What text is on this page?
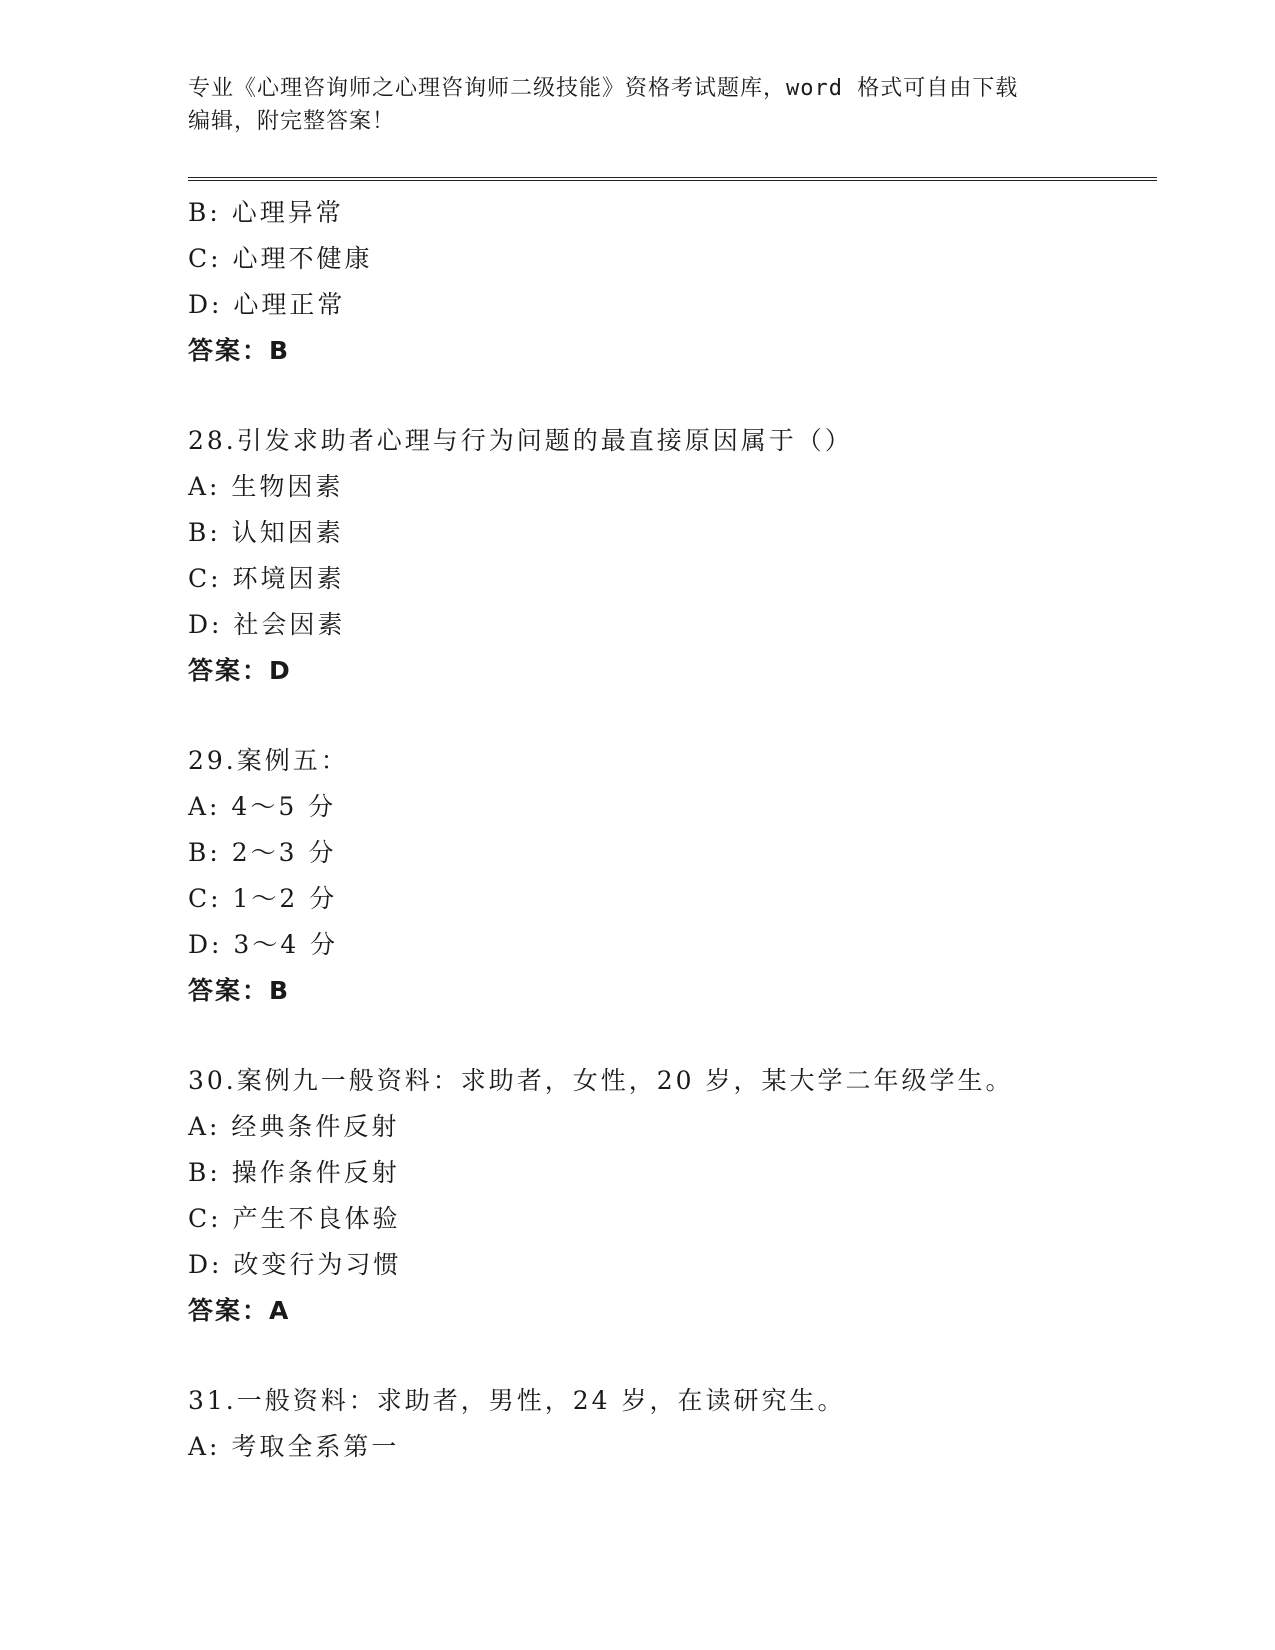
专业《心理咨询师之心理咨询师二级技能》资格考试题库，word 格式可自由下载
编辑，附完整答案！
B: 心理异常
C: 心理不健康
D: 心理正常
答案：B
28.引发求助者心理与行为问题的最直接原因属于（）
A: 生物因素
B: 认知因素
C: 环境因素
D: 社会因素
答案：D
29.案例五：
A: 4～5 分
B: 2～3 分
C: 1～2 分
D: 3～4 分
答案：B
30.案例九一般资料：求助者，女性，20 岁，某大学二年级学生。
A: 经典条件反射
B: 操作条件反射
C: 产生不良体验
D: 改变行为习惯
答案：A
31.一般资料：求助者，男性，24 岁，在读研究生。
A: 考取全系第一
